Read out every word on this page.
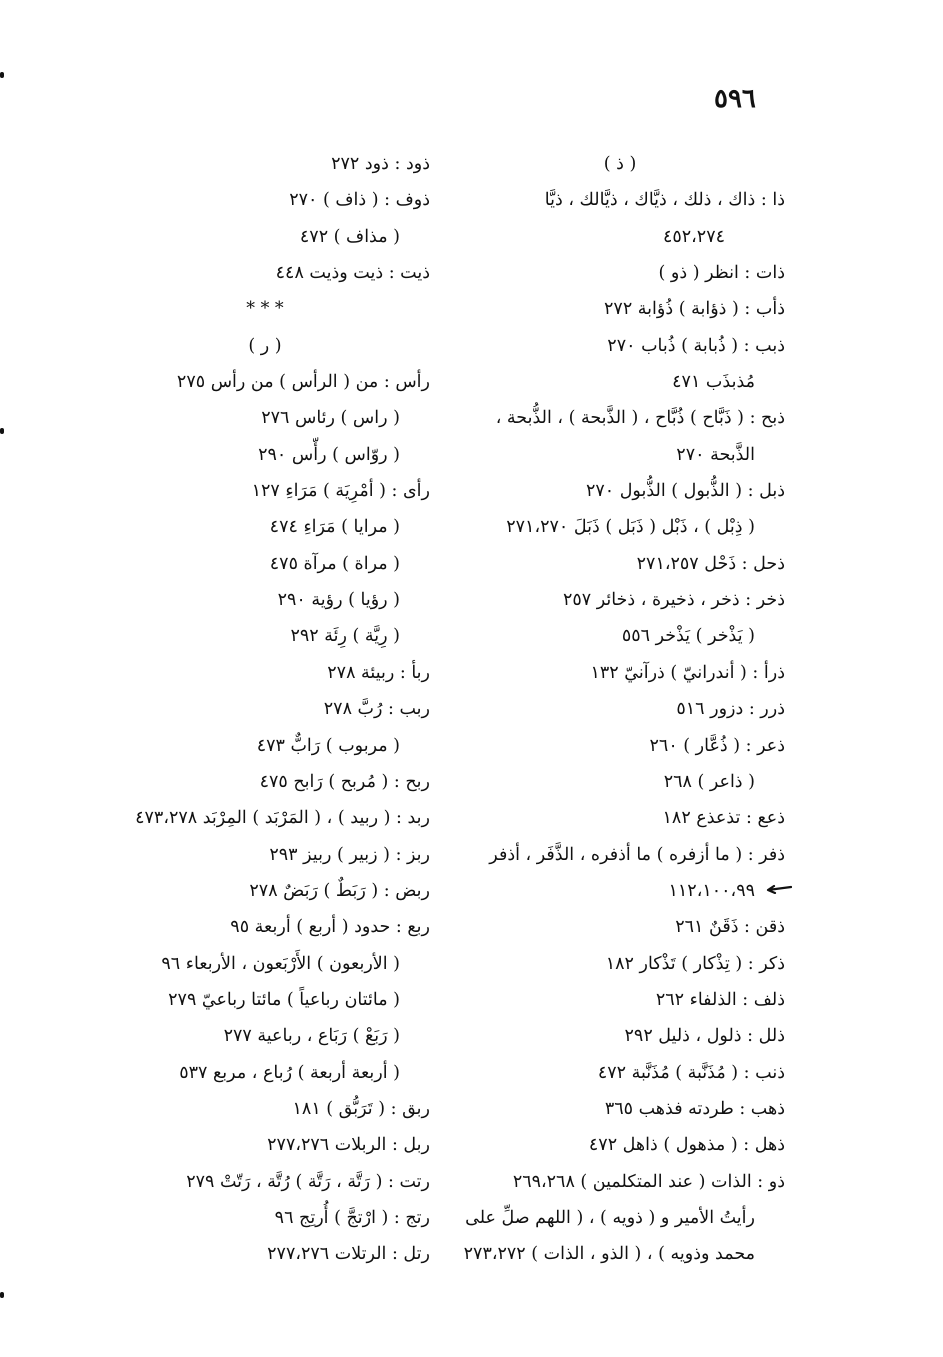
٥٩٦
( ذ )
ذا : ذاك ، ذلك ، ذيَّاك ، ذيَّالك ، ذيَّا
٤٥٢،٢٧٤
ذات : انظر ( ذو )
ذأب : ( ذؤابة ) ذُؤابة ٢٧٢
ذبب : ( ذُبابة ) ذُباب ٢٧٠
مُذبذَب ٤٧١
ذبح : ( ذَبَّاح ) ذُبَّاح ، ( الذَّبحة ) ، الذُّبحة ،
الذَّبحة ٢٧٠
ذبل : ( الذُّبول ) الذُّبول ٢٧٠
( ذِبْل ) ، ذَبْل ( ذَبَل ) ذَبَلَ ٢٧١،٢٧٠
ذحل : ذَحْل ٢٧١،٢٥٧
ذخر : ذخر ، ذخيرة ، ذخائر ٢٥٧
( يَذْخر ) يَذْخر ٥٥٦
ذرأ : ( أندرانيّ ) ذرآنيّ ١٣٢
ذرر : دزور ٥١٦
ذعر : ( ذُعَّار ) ٢٦٠
( ذاعر ) ٢٦٨
ذعع : تذعذع ١٨٢
ذفر : ( ما أزفره ) ما أذفره ، الذَّفَر ، أذفر
١١٢،١٠٠،٩٩
ذقن : ذَقَنٌ ٢٦١
ذكر : ( تِذْكار ) تَذْكار ١٨٢
ذلف : الذلفاء ٢٦٢
ذلل : ذلول ، ذليل ٢٩٢
ذنب : ( مُذَنَّبة ) مُذَنَّبة ٤٧٢
ذهب : طردته فذهب ٣٦٥
ذهل : ( مذهول ) ذاهل ٤٧٢
ذو : الذات ( عند المتكلمين ) ٢٦٩،٢٦٨
رأيتُ الأمير و ( ذويه ) ، ( اللهم صلِّ على
محمد وذويه ) ، ( الذو ، الذات ) ٢٧٣،٢٧٢
ذود : ذود ٢٧٢
ذوف : ( ذاف ) ٢٧٠
( مذاف ) ٤٧٢
ذيت : ذيت وذيت ٤٤٨
* * *
( ر )
رأس : من ( الرأس ) من رأس ٢٧٥
( راس ) رئاس ٢٧٦
( روّاس ) رأّس ٢٩٠
رأى : ( أمْرِيَة ) مَرَاءِ ١٢٧
( مرايا ) مَرَاءِ ٤٧٤
( مراة ) مرآة ٤٧٥
( رؤيا ) رؤية ٢٩٠
( رِيَّة ) رِئَة ٢٩٢
ربأ : ربيئة ٢٧٨
ربب : رُبَّ ٢٧٨
( مربوب ) رَابٌّ ٤٧٣
ربح : ( مُربح ) رَابح ٤٧٥
ربد : ( ربيد ) ، ( المَرْبَد ) المِرْبَد ٤٧٣،٢٧٨
ربز : ( زبير ) ربيز ٢٩٣
ربض : ( رَبَطٌ ) رَبَضٌ ٢٧٨
ربع : حدود ( أربع ) أربعة ٩٥
( الأربعون ) الأَرْبَعون ، الأربعاء ٩٦
( مائتان رباعياً ) مائتا رباعيّ ٢٧٩
( رَبَعْ ) رَبَاع ، رباعية ٢٧٧
( أربعة أربعة ) رُباع ، مربع ٥٣٧
ربق : ( تَرَبُّق ) ١٨١
ربل : الربلات ٢٧٧،٢٧٦
رتت : ( رَتَّة ، رَتَّة ) رُتَّة ، رَتّتْ ٢٧٩
رتج : ( ارْتجَّ ) أُرتِج ٩٦
رتل : الرتلات ٢٧٧،٢٧٦
